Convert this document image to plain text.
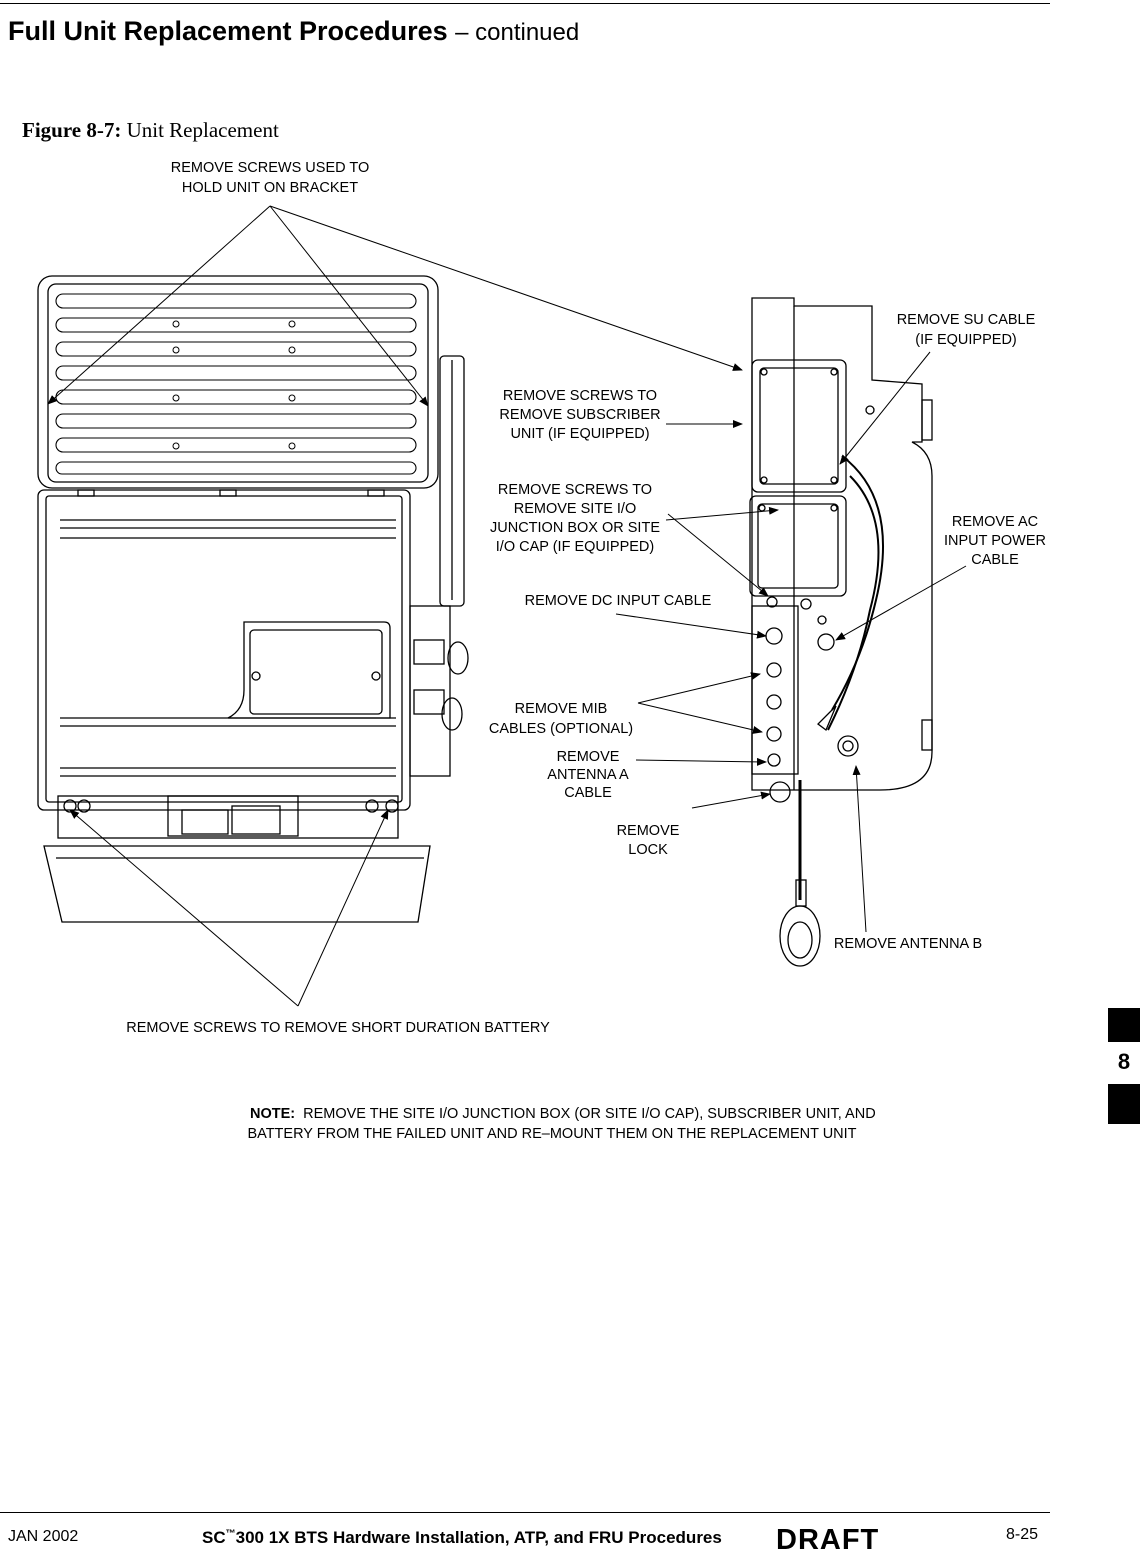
Full Unit Replacement Procedures – continued
Figure 8-7: Unit Replacement
REMOVE SCREWS USED TO
HOLD UNIT ON BRACKET
REMOVE SU CABLE
(IF EQUIPPED)
REMOVE SCREWS TO
REMOVE SUBSCRIBER
UNIT (IF EQUIPPED)
REMOVE SCREWS TO
REMOVE SITE I/O
JUNCTION BOX OR SITE
I/O CAP (IF EQUIPPED)
REMOVE AC
INPUT POWER
CABLE
REMOVE DC INPUT CABLE
REMOVE MIB
CABLES (OPTIONAL)
REMOVE
ANTENNA A
CABLE
REMOVE
LOCK
REMOVE ANTENNA B
REMOVE SCREWS TO REMOVE SHORT DURATION BATTERY
NOTE: REMOVE THE SITE I/O JUNCTION BOX (OR SITE I/O CAP), SUBSCRIBER UNIT, AND
BATTERY FROM THE FAILED UNIT AND RE–MOUNT THEM ON THE REPLACEMENT UNIT
8
JAN 2002	SC™300 1X BTS Hardware Installation, ATP, and FRU Procedures DRAFT	8-25
